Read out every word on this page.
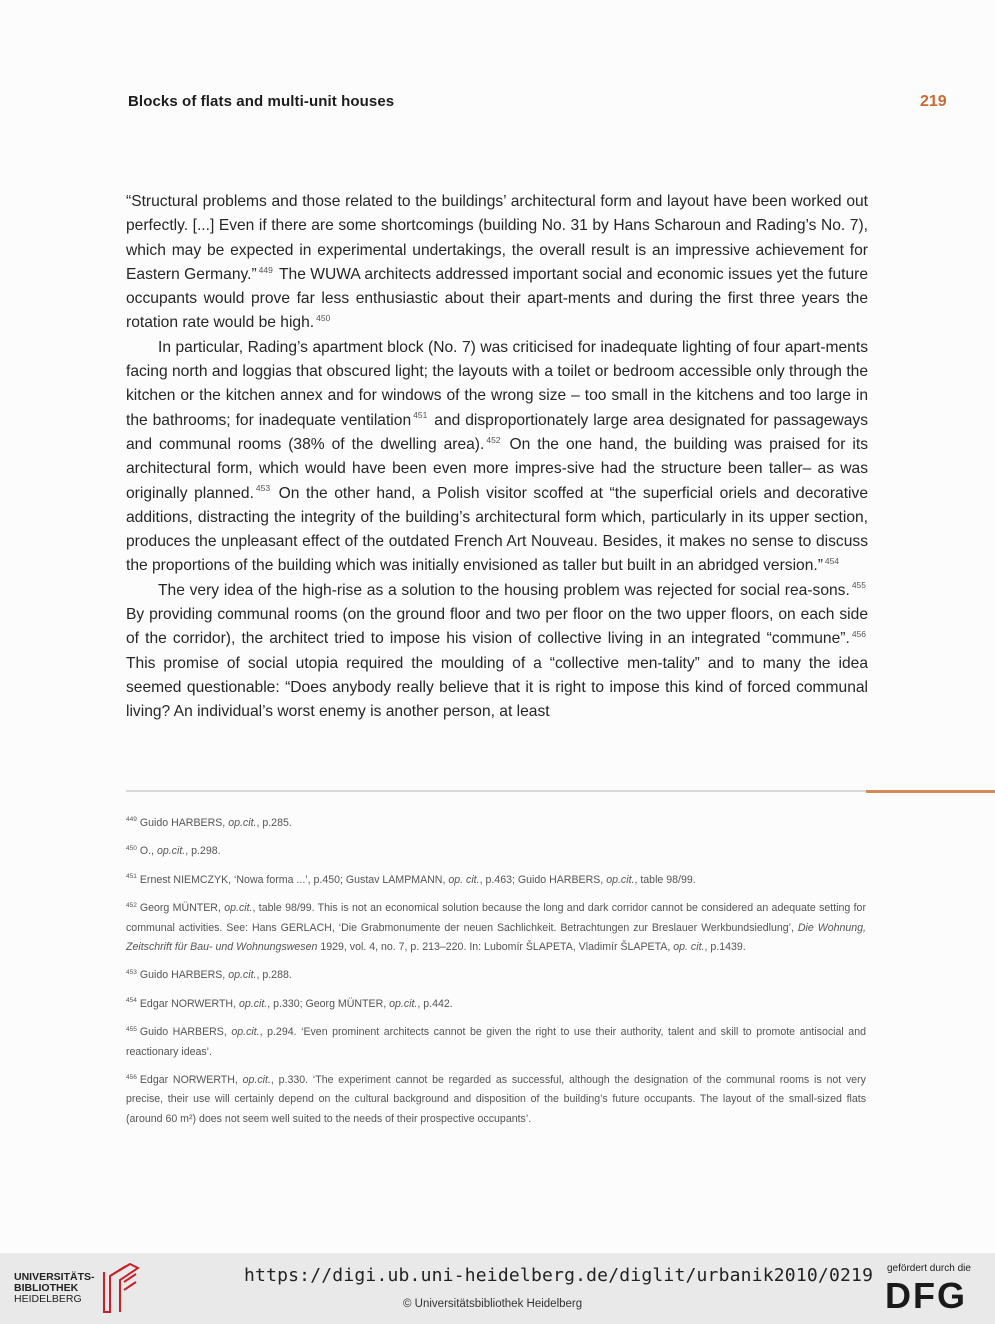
Blocks of flats and multi-unit houses	219

“Structural problems and those related to the buildings’ architectural form and layout have been worked out perfectly. [...] Even if there are some shortcomings (building No. 31 by Hans Scharoun and Rading’s No. 7), which may be expected in experimental undertakings, the overall result is an impressive achievement for Eastern Germany.” $^{449}$ The WUWA architects addressed important social and economic issues yet the future occupants would prove far less enthusiastic about their apart-ments and during the first three years the rotation rate would be high. $^{450}$

In particular, Rading’s apartment block (No. 7) was criticised for inadequate lighting of four apart-ments facing north and loggias that obscured light; the layouts with a toilet or bedroom accessible only through the kitchen or the kitchen annex and for windows of the wrong size – too small in the kitchens and too large in the bathrooms; for inadequate ventilation $^{451}$ and disproportionately large area designated for passageways and communal rooms (38% of the dwelling area). $^{452}$ On the one hand, the building was praised for its architectural form, which would have been even more impres-sive had the structure been taller– as was originally planned. $^{453}$ On the other hand, a Polish visitor scoffed at “the superficial oriels and decorative additions, distracting the integrity of the building’s architectural form which, particularly in its upper section, produces the unpleasant effect of the outdated French Art Nouveau. Besides, it makes no sense to discuss the proportions of the building which was initially envisioned as taller but built in an abridged version.” $^{454}$

The very idea of the high-rise as a solution to the housing problem was rejected for social rea-sons. $^{455}$ By providing communal rooms (on the ground floor and two per floor on the two upper floors, on each side of the corridor), the architect tried to impose his vision of collective living in an integrated “commune”. $^{456}$ This promise of social utopia required the moulding of a “collective men-tality” and to many the idea seemed questionable: “Does anybody really believe that it is right to impose this kind of forced communal living? An individual’s worst enemy is another person, at least

$^{449}$ Guido HARBERS, op.cit., p.285.
$^{450}$ O., op.cit., p.298.
$^{451}$ Ernest NIEMCZYK, ‘Nowa forma ...’, p.450; Gustav LAMPMANN, op. cit., p.463; Guido HARBERS, op.cit., table 98/99.
$^{452}$ Georg MÜNTER, op.cit., table 98/99. This is not an economical solution because the long and dark corridor cannot be considered an adequate setting for communal activities. See: Hans GERLACH, ‘Die Grabmonumente der neuen Sachlichkeit. Betrachtungen zur Breslauer Werkbundsiedlung’, Die Wohnung, Zeitschrift für Bau- und Wohnungswesen 1929, vol. 4, no. 7, p. 213–220. In: Lubomír ŠLAPETA, Vladimír ŠLAPETA, op. cit., p.1439.
$^{453}$ Guido HARBERS, op.cit., p.288.
$^{454}$ Edgar NORWERTH, op.cit., p.330; Georg MÜNTER, op.cit., p.442.
$^{455}$ Guido HARBERS, op.cit., p.294. ‘Even prominent architects cannot be given the right to use their authority, talent and skill to promote antisocial and reactionary ideas’.
$^{456}$ Edgar NORWERTH, op.cit., p.330. ‘The experiment cannot be regarded as successful, although the designation of the communal rooms is not very precise, their use will certainly depend on the cultural background and disposition of the building’s future occupants. The layout of the small-sized flats (around 60 m²) does not seem well suited to the needs of their prospective occupants’.
UNIVERSITÄTS-
BIBLIOTHEK
HEIDELBERG
https://digi.ub.uni-heidelberg.de/diglit/urbanik2010/0219
© Universitätsbibliothek Heidelberg
gefördert durch die
DFG
